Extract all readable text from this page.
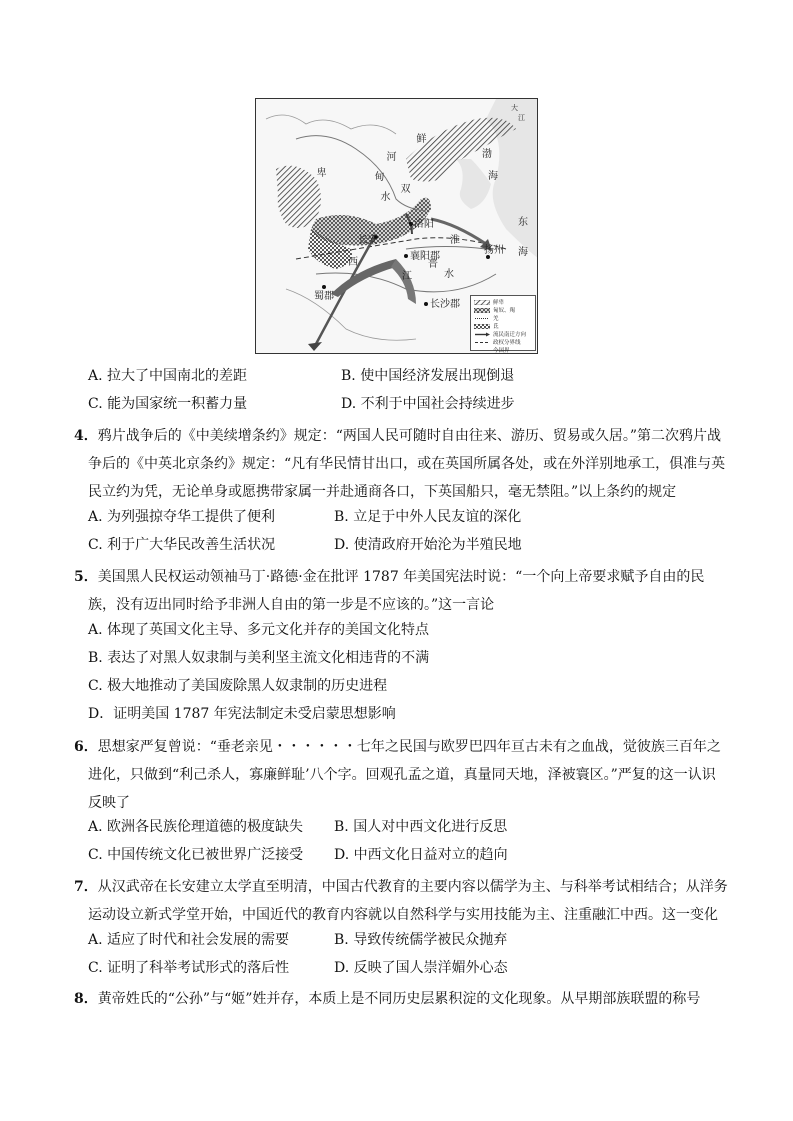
鲜
卑
河
甸
双
水
洛阳
长安
襄阳郡
西
江
晋
水
蜀郡
长沙郡
淮
扬州
渤
海
东
海
大
江
鲜卑
匈奴、羯
羌
氐
流民南迁方向
政权分界线
今国界
A. 拉大了中国南北的差距	B. 使中国经济发展出现倒退
C. 能为国家统一积蓄力量	D. 不利于中国社会持续进步
4．鸦片战争后的《中美续增条约》规定：“两国人民可随时自由往来、游历、贸易或久居。”第二次鸦片战争后的《中英北京条约》规定：“凡有华民情甘出口，或在英国所属各处，或在外洋别地承工，俱准与英民立约为凭，无论单身或愿携带家属一并赴通商各口，下英国船只，毫无禁阻。”以上条约的规定
A. 为列强掠夺华工提供了便利	B. 立足于中外人民友谊的深化
C. 利于广大华民改善生活状况	D. 使清政府开始沦为半殖民地
5．美国黑人民权运动领袖马丁·路德·金在批评 1787 年美国宪法时说：“一个向上帝要求赋予自由的民族，没有迈出同时给予非洲人自由的第一步是不应该的。”这一言论
A. 体现了英国文化主导、多元文化并存的美国文化特点
B. 表达了对黑人奴隶制与美利坚主流文化相违背的不满
C. 极大地推动了美国废除黑人奴隶制的历史进程
D．证明美国 1787 年宪法制定未受启蒙思想影响
6．思想家严复曾说：“垂老亲见・・・・・・七年之民国与欧罗巴四年亘古未有之血战，觉彼族三百年之进化，只做到“利己杀人，寡廉鲜耻’八个字。回观孔孟之道，真量同天地，泽被寰区。”严复的这一认识反映了
A. 欧洲各民族伦理道德的极度缺失 B. 国人对中西文化进行反思
C. 中国传统文化已被世界广泛接受 D. 中西文化日益对立的趋向
7．从汉武帝在长安建立太学直至明清，中国古代教育的主要内容以儒学为主、与科举考试相结合；从洋务运动设立新式学堂开始，中国近代的教育内容就以自然科学与实用技能为主、注重融汇中西。这一变化
A. 适应了时代和社会发展的需要	B. 导致传统儒学被民众抛弃
C. 证明了科举考试形式的落后性	D. 反映了国人崇洋媚外心态
8．黄帝姓氏的“公孙”与“姬”姓并存，本质上是不同历史层累积淀的文化现象。从早期部族联盟的称号
